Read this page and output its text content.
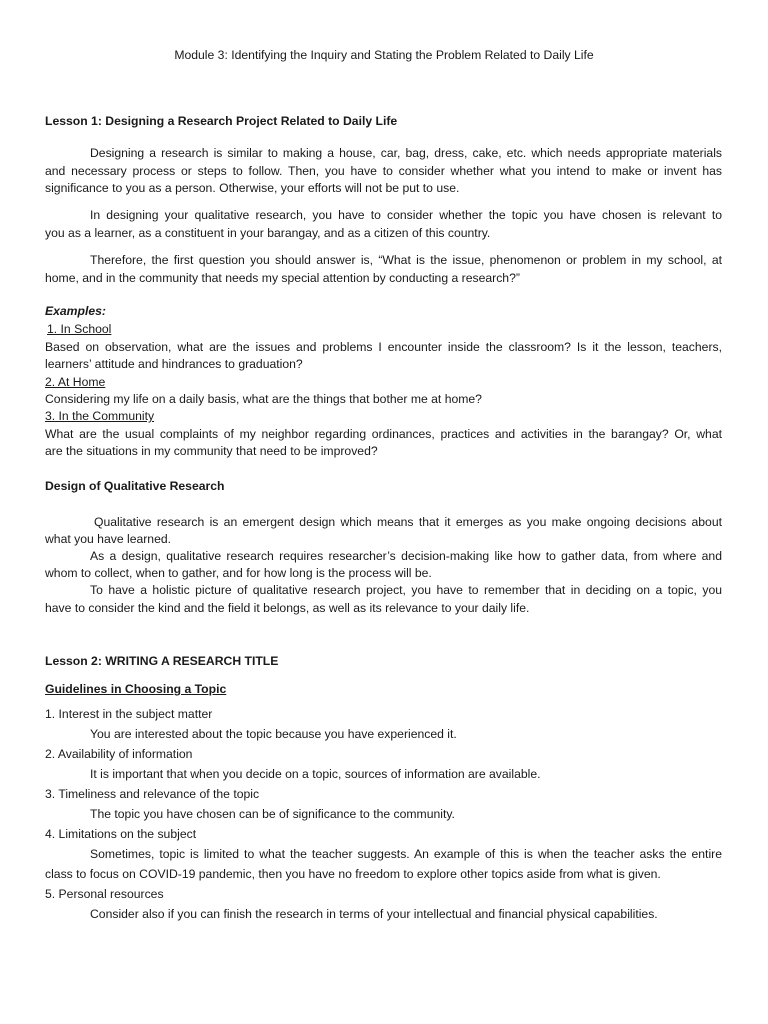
Module 3: Identifying the Inquiry and Stating the Problem Related to Daily Life
Lesson 1: Designing a Research Project Related to Daily Life
Designing a research is similar to making a house, car, bag, dress, cake, etc. which needs appropriate materials
and necessary process or steps to follow. Then, you have to consider whether what you intend to make or invent has
significance to you as a person. Otherwise, your efforts will not be put to use.
In designing your qualitative research, you have to consider whether the topic you have chosen is relevant to
you as a learner, as a constituent in your barangay, and as a citizen of this country.
Therefore, the first question you should answer is, “What is the issue, phenomenon or problem in my school, at
home, and in the community that needs my special attention by conducting a research?”
Examples:
1. In School
Based on observation, what are the issues and problems I encounter inside the classroom? Is it the lesson, teachers,
learners’ attitude and hindrances to graduation?
2. At Home
Considering my life on a daily basis, what are the things that bother me at home?
3. In the Community
What are the usual complaints of my neighbor regarding ordinances, practices and activities in the barangay? Or, what
are the situations in my community that need to be improved?
Design of Qualitative Research
Qualitative research is an emergent design which means that it emerges as you make ongoing decisions about
what you have learned.
As a design, qualitative research requires researcher’s decision-making like how to gather data, from where and
whom to collect, when to gather, and for how long is the process will be.
To have a holistic picture of qualitative research project, you have to remember that in deciding on a topic, you
have to consider the kind and the field it belongs, as well as its relevance to your daily life.
Lesson 2: WRITING A RESEARCH TITLE
Guidelines in Choosing a Topic
1. Interest in the subject matter
You are interested about the topic because you have experienced it.
2. Availability of information
It is important that when you decide on a topic, sources of information are available.
3. Timeliness and relevance of the topic
The topic you have chosen can be of significance to the community.
4. Limitations on the subject
Sometimes, topic is limited to what the teacher suggests. An example of this is when the teacher asks the entire
class to focus on COVID-19 pandemic, then you have no freedom to explore other topics aside from what is given.
5. Personal resources
Consider also if you can finish the research in terms of your intellectual and financial physical capabilities.
